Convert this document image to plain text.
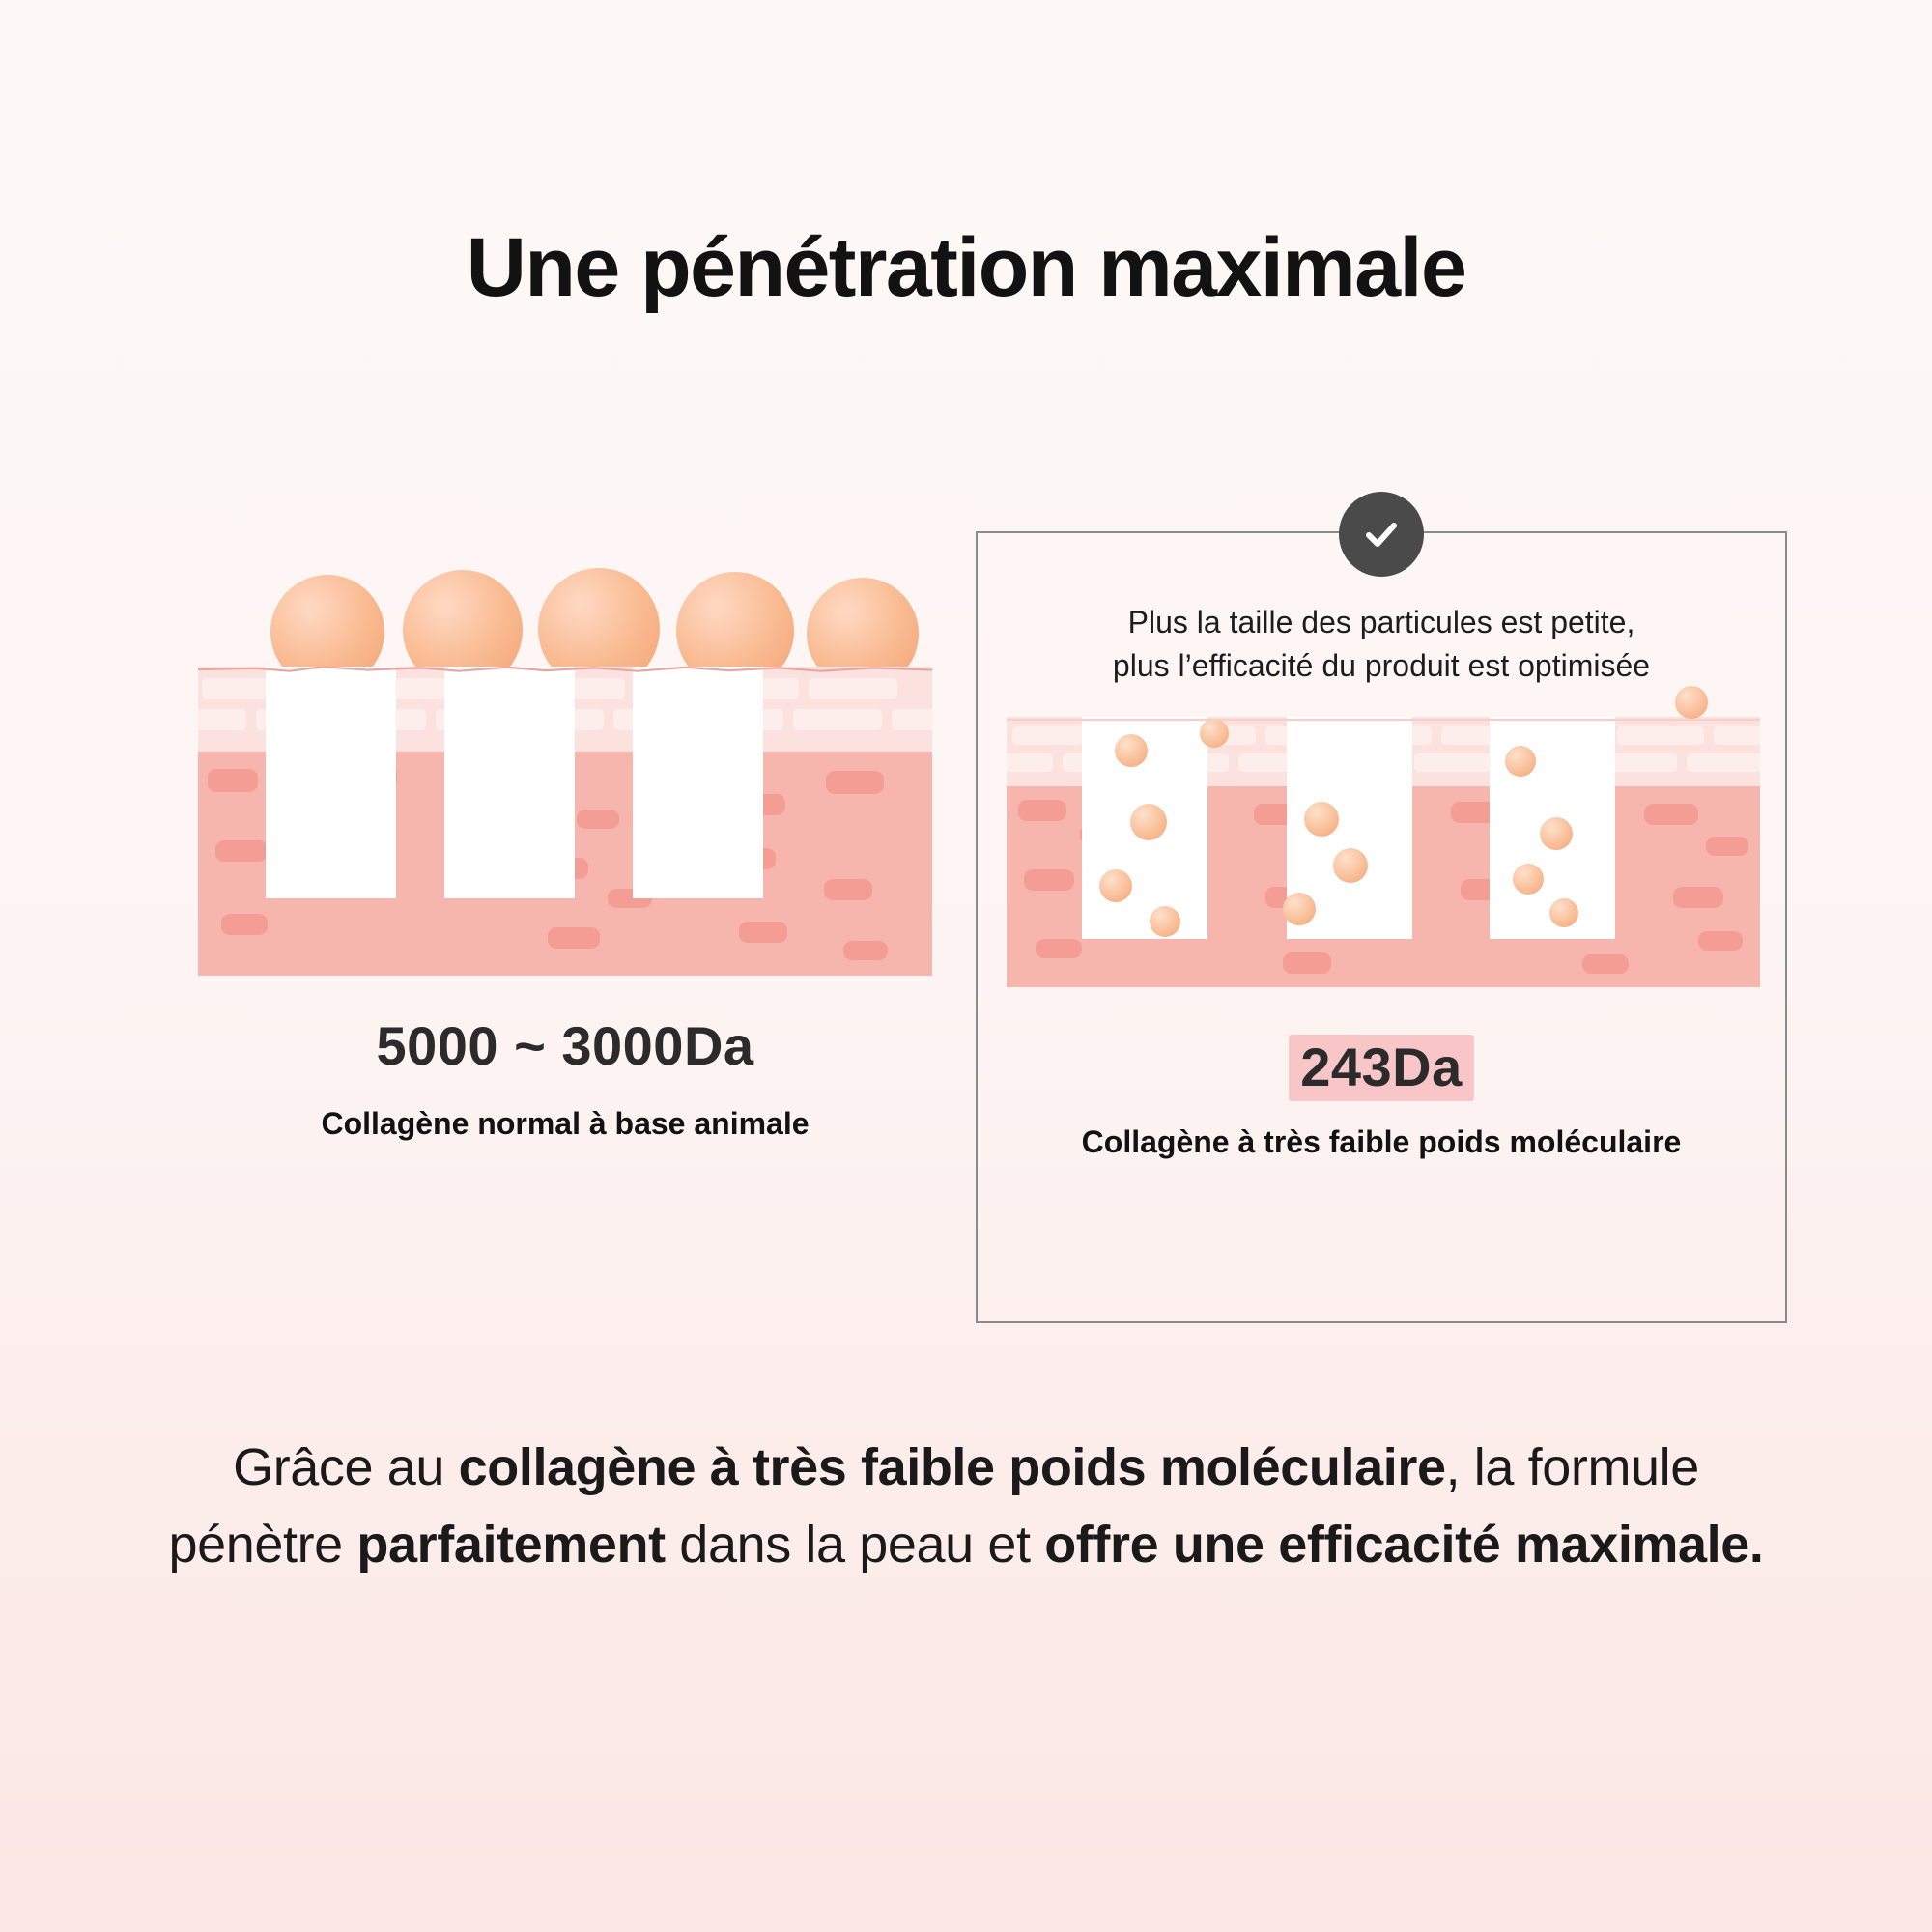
Une pénétration maximale
5000 ~ 3000Da
Collagène normal à base animale
Plus la taille des particules est petite,
plus l’efficacité du produit est optimisée
243Da
Collagène à très faible poids moléculaire
Grâce au collagène à très faible poids moléculaire, la formule pénètre parfaitement dans la peau et offre une efficacité maximale.
